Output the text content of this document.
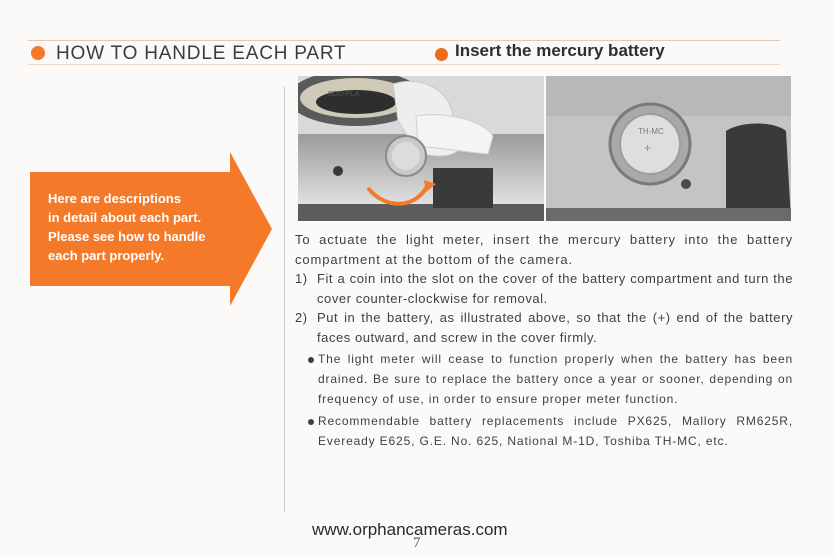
HOW TO HANDLE EACH PART	Insert the mercury battery
Here are descriptions
in detail about each part.
Please see how to handle
each part properly.
RDO-PLA
TH-MC
+

To actuate the light meter, insert the mercury battery into the battery compartment at the bottom of the camera.

1) Fit a coin into the slot on the cover of the battery compartment and turn the cover counter-clockwise for removal.
2) Put in the battery, as illustrated above, so that the (+) end of the battery faces outward, and screw in the cover firmly.
The light meter will cease to function properly when the battery has been drained. Be sure to replace the battery once a year or sooner, depending on frequency of use, in order to ensure proper meter function.
Recommendable battery replacements include PX625, Mallory RM625R, Eveready E625, G.E. No. 625, National M-1D, Toshiba TH-MC, etc.
www.orphancameras.com
7
